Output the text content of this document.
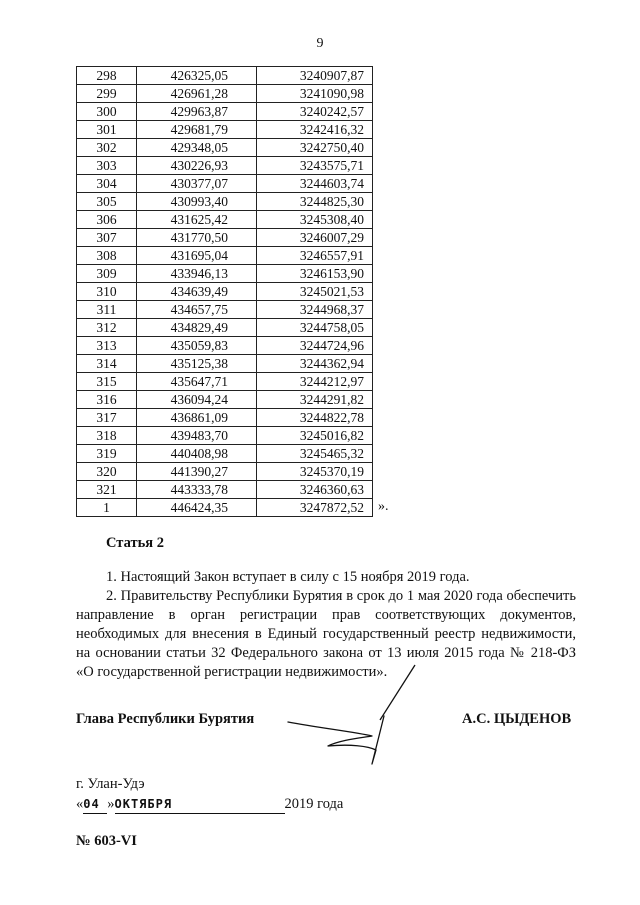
9
298	426325,05	3240907,87
299	426961,28	3241090,98
300	429963,87	3240242,57
301	429681,79	3242416,32
302	429348,05	3242750,40
303	430226,93	3243575,71
304	430377,07	3244603,74
305	430993,40	3244825,30
306	431625,42	3245308,40
307	431770,50	3246007,29
308	431695,04	3246557,91
309	433946,13	3246153,90
310	434639,49	3245021,53
311	434657,75	3244968,37
312	434829,49	3244758,05
313	435059,83	3244724,96
314	435125,38	3244362,94
315	435647,71	3244212,97
316	436094,24	3244291,82
317	436861,09	3244822,78
318	439483,70	3245016,82
319	440408,98	3245465,32
320	441390,27	3245370,19
321	443333,78	3246360,63
1	446424,35	3247872,52 ».
Статья 2
1. Настоящий Закон вступает в силу с 15 ноября 2019 года.
2. Правительству Республики Бурятия в срок до 1 мая 2020 года обеспечить направление в орган регистрации прав соответствующих документов, необходимых для внесения в Единый государственный реестр недвижимости, на основании статьи 32 Федерального закона от 13 июля 2015 года № 218-ФЗ «О государственной регистрации недвижимости».
Глава Республики Бурятия	А.С. ЦЫДЕНОВ
г. Улан-Удэ
«04 »ОКТЯБРЯ	2019 года
№ 603-VI
